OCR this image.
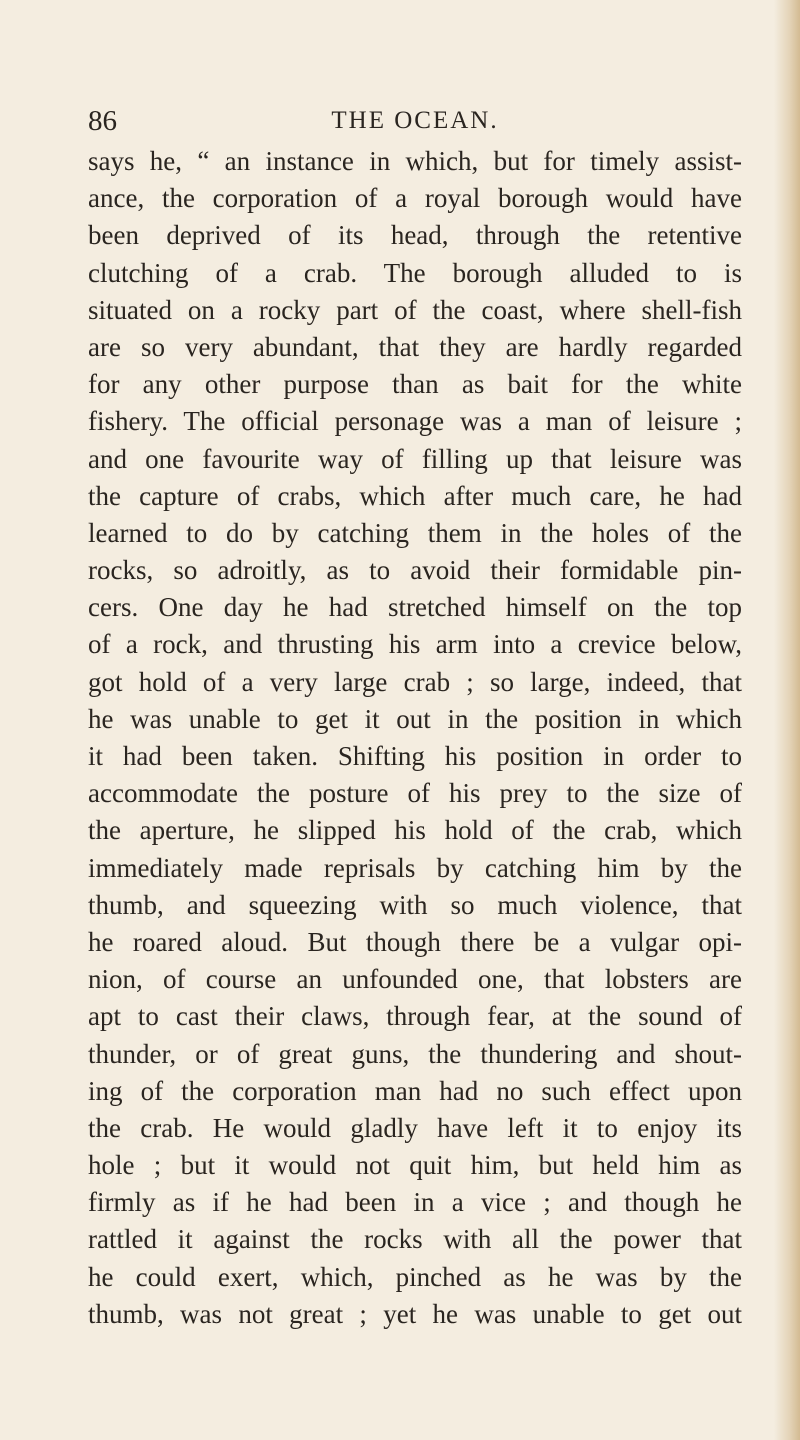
86	THE OCEAN.
says he, “ an instance in which, but for timely assist-
ance, the corporation of a royal borough would have
been deprived of its head, through the retentive
clutching of a crab. The borough alluded to is
situated on a rocky part of the coast, where shell-fish
are so very abundant, that they are hardly regarded
for any other purpose than as bait for the white
fishery. The official personage was a man of leisure ;
and one favourite way of filling up that leisure was
the capture of crabs, which after much care, he had
learned to do by catching them in the holes of the
rocks, so adroitly, as to avoid their formidable pin-
cers. One day he had stretched himself on the top
of a rock, and thrusting his arm into a crevice below,
got hold of a very large crab ; so large, indeed, that
he was unable to get it out in the position in which
it had been taken. Shifting his position in order to
accommodate the posture of his prey to the size of
the aperture, he slipped his hold of the crab, which
immediately made reprisals by catching him by the
thumb, and squeezing with so much violence, that
he roared aloud. But though there be a vulgar opi-
nion, of course an unfounded one, that lobsters are
apt to cast their claws, through fear, at the sound of
thunder, or of great guns, the thundering and shout-
ing of the corporation man had no such effect upon
the crab. He would gladly have left it to enjoy its
hole ; but it would not quit him, but held him as
firmly as if he had been in a vice ; and though he
rattled it against the rocks with all the power that
he could exert, which, pinched as he was by the
thumb, was not great ; yet he was unable to get out
